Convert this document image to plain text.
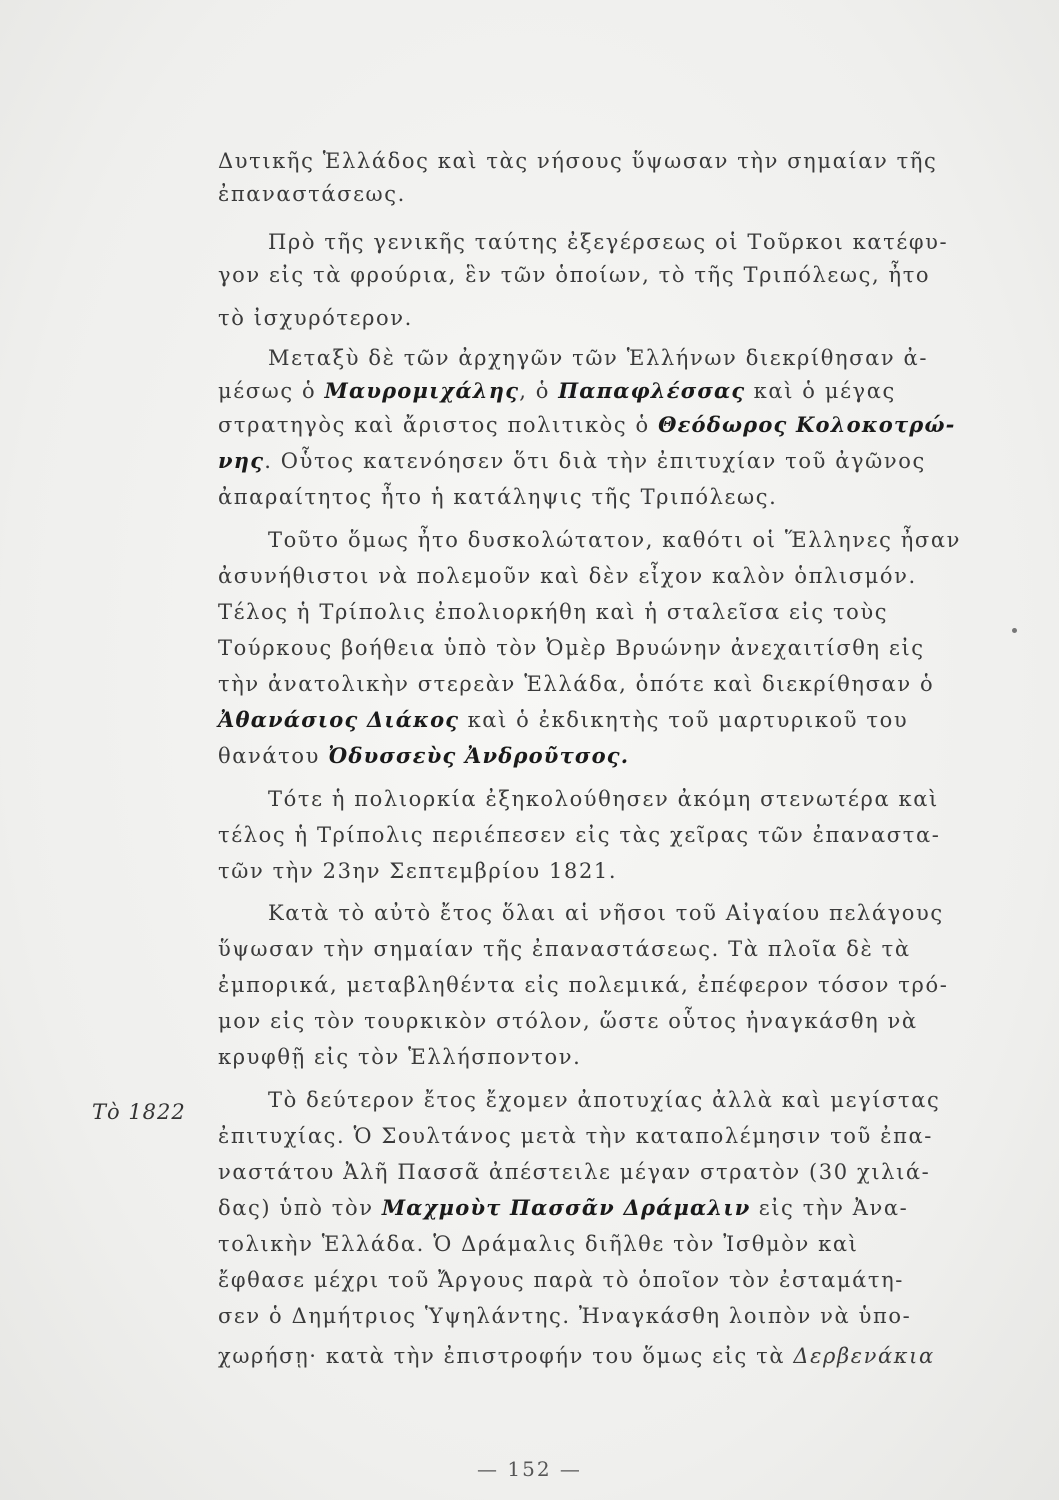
Δυτικῆς Ἑλλάδος καὶ τὰς νήσους ὕψωσαν τὴν σημαίαν τῆς
ἐπαναστάσεως.
Πρὸ τῆς γενικῆς ταύτης ἐξεγέρσεως οἱ Τοῦρκοι κατέφυ-
γον εἰς τὰ φρούρια, ἓν τῶν ὁποίων, τὸ τῆς Τριπόλεως, ἦτο
τὸ ἰσχυρότερον.
Μεταξὺ δὲ τῶν ἀρχηγῶν τῶν Ἑλλήνων διεκρίθησαν ἀ-
μέσως ὁ Μαυρομιχάλης, ὁ Παπαφλέσσας καὶ ὁ μέγας
στρατηγὸς καὶ ἄριστος πολιτικὸς ὁ Θεόδωρος Κολοκοτρώ-
νης. Οὗτος κατενόησεν ὅτι διὰ τὴν ἐπιτυχίαν τοῦ ἀγῶνος
ἀπαραίτητος ἦτο ἡ κατάληψις τῆς Τριπόλεως.
Τοῦτο ὅμως ἦτο δυσκολώτατον, καθότι οἱ Ἕλληνες ἦσαν
ἀσυνήθιστοι νὰ πολεμοῦν καὶ δὲν εἶχον καλὸν ὁπλισμόν.
Τέλος ἡ Τρίπολις ἐπολιορκήθη καὶ ἡ σταλεῖσα εἰς τοὺς
Τούρκους βοήθεια ὑπὸ τὸν Ὀμὲρ Βρυώνην ἀνεχαιτίσθη εἰς
τὴν ἀνατολικὴν στερεὰν Ἑλλάδα, ὁπότε καὶ διεκρίθησαν ὁ
Ἀθανάσιος Διάκος καὶ ὁ ἐκδικητὴς τοῦ μαρτυρικοῦ του
θανάτου Ὀδυσσεὺς Ἀνδροῦτσος.
Τότε ἡ πολιορκία ἐξηκολούθησεν ἀκόμη στενωτέρα καὶ
τέλος ἡ Τρίπολις περιέπεσεν εἰς τὰς χεῖρας τῶν ἐπαναστα-
τῶν τὴν 23ην Σεπτεμβρίου 1821.
Κατὰ τὸ αὐτὸ ἔτος ὅλαι αἱ νῆσοι τοῦ Αἰγαίου πελάγους
ὕψωσαν τὴν σημαίαν τῆς ἐπαναστάσεως. Τὰ πλοῖα δὲ τὰ
ἐμπορικά, μεταβληθέντα εἰς πολεμικά, ἐπέφερον τόσον τρό-
μον εἰς τὸν τουρκικὸν στόλον, ὥστε οὗτος ἠναγκάσθη νὰ
κρυφθῇ εἰς τὸν Ἑλλήσποντον.
Τὸ δεύτερον ἔτος ἔχομεν ἀποτυχίας ἀλλὰ καὶ μεγίστας
ἐπιτυχίας. Ὁ Σουλτάνος μετὰ τὴν καταπολέμησιν τοῦ ἐπα-
ναστάτου Ἀλῆ Πασσᾶ ἀπέστειλε μέγαν στρατὸν (30 χιλιά-
δας) ὑπὸ τὸν Μαχμοὺτ Πασσᾶν Δράμαλιν εἰς τὴν Ἀνα-
τολικὴν Ἑλλάδα. Ὁ Δράμαλις διῆλθε τὸν Ἰσθμὸν καὶ
ἔφθασε μέχρι τοῦ Ἄργους παρὰ τὸ ὁποῖον τὸν ἐσταμάτη-
σεν ὁ Δημήτριος Ὑψηλάντης. Ἠναγκάσθη λοιπὸν νὰ ὑπο-
χωρήσῃ· κατὰ τὴν ἐπιστροφήν του ὅμως εἰς τὰ Δερβενάκια
Τὸ 1822
— 152 —
